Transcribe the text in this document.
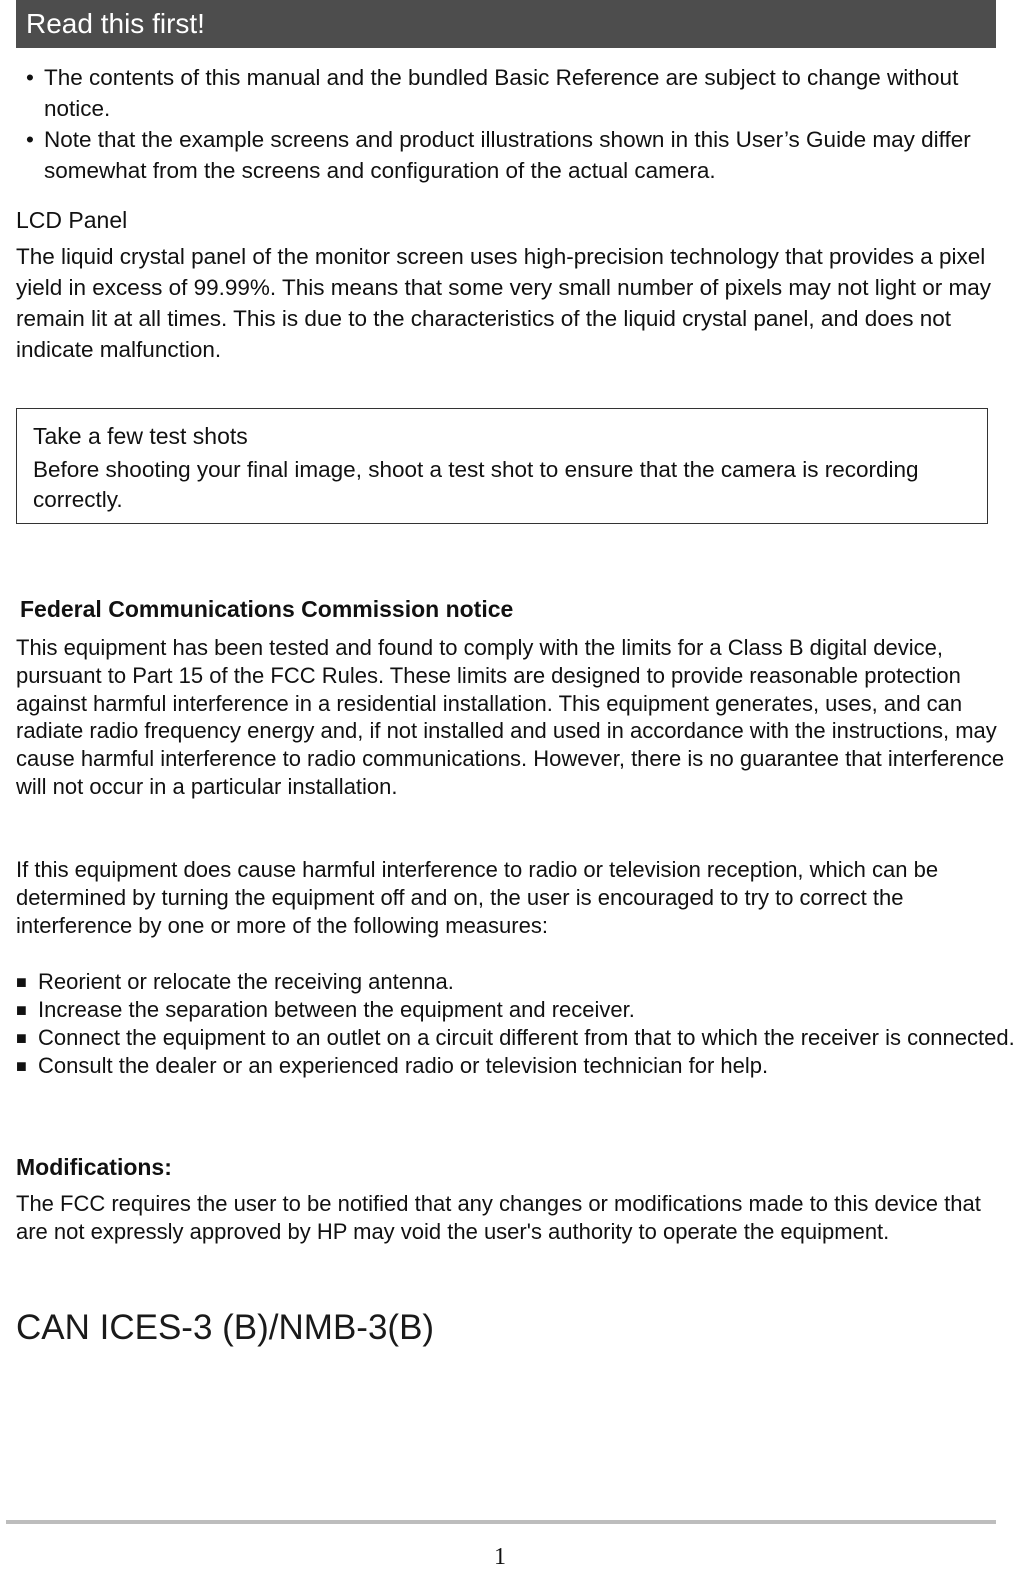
Read this first!
• The contents of this manual and the bundled Basic Reference are subject to change without notice.
• Note that the example screens and product illustrations shown in this User’s Guide may differ somewhat from the screens and configuration of the actual camera.
LCD Panel
The liquid crystal panel of the monitor screen uses high-precision technology that provides a pixel yield in excess of 99.99%. This means that some very small number of pixels may not light or may remain lit at all times. This is due to the characteristics of the liquid crystal panel, and does not indicate malfunction.
Take a few test shots
Before shooting your final image, shoot a test shot to ensure that the camera is recording correctly.
Federal Communications Commission notice
This equipment has been tested and found to comply with the limits for a Class B digital device, pursuant to Part 15 of the FCC Rules. These limits are designed to provide reasonable protection against harmful interference in a residential installation. This equipment generates, uses, and can radiate radio frequency energy and, if not installed and used in accordance with the instructions, may cause harmful interference to radio communications. However, there is no guarantee that interference will not occur in a particular installation.
If this equipment does cause harmful interference to radio or television reception, which can be determined by turning the equipment off and on, the user is encouraged to try to correct the interference by one or more of the following measures:
■ Reorient or relocate the receiving antenna.
■ Increase the separation between the equipment and receiver.
■ Connect the equipment to an outlet on a circuit different from that to which the receiver is connected.
■ Consult the dealer or an experienced radio or television technician for help.
Modifications:
The FCC requires the user to be notified that any changes or modifications made to this device that are not expressly approved by HP may void the user's authority to operate the equipment.
CAN ICES-3 (B)/NMB-3(B)
1
